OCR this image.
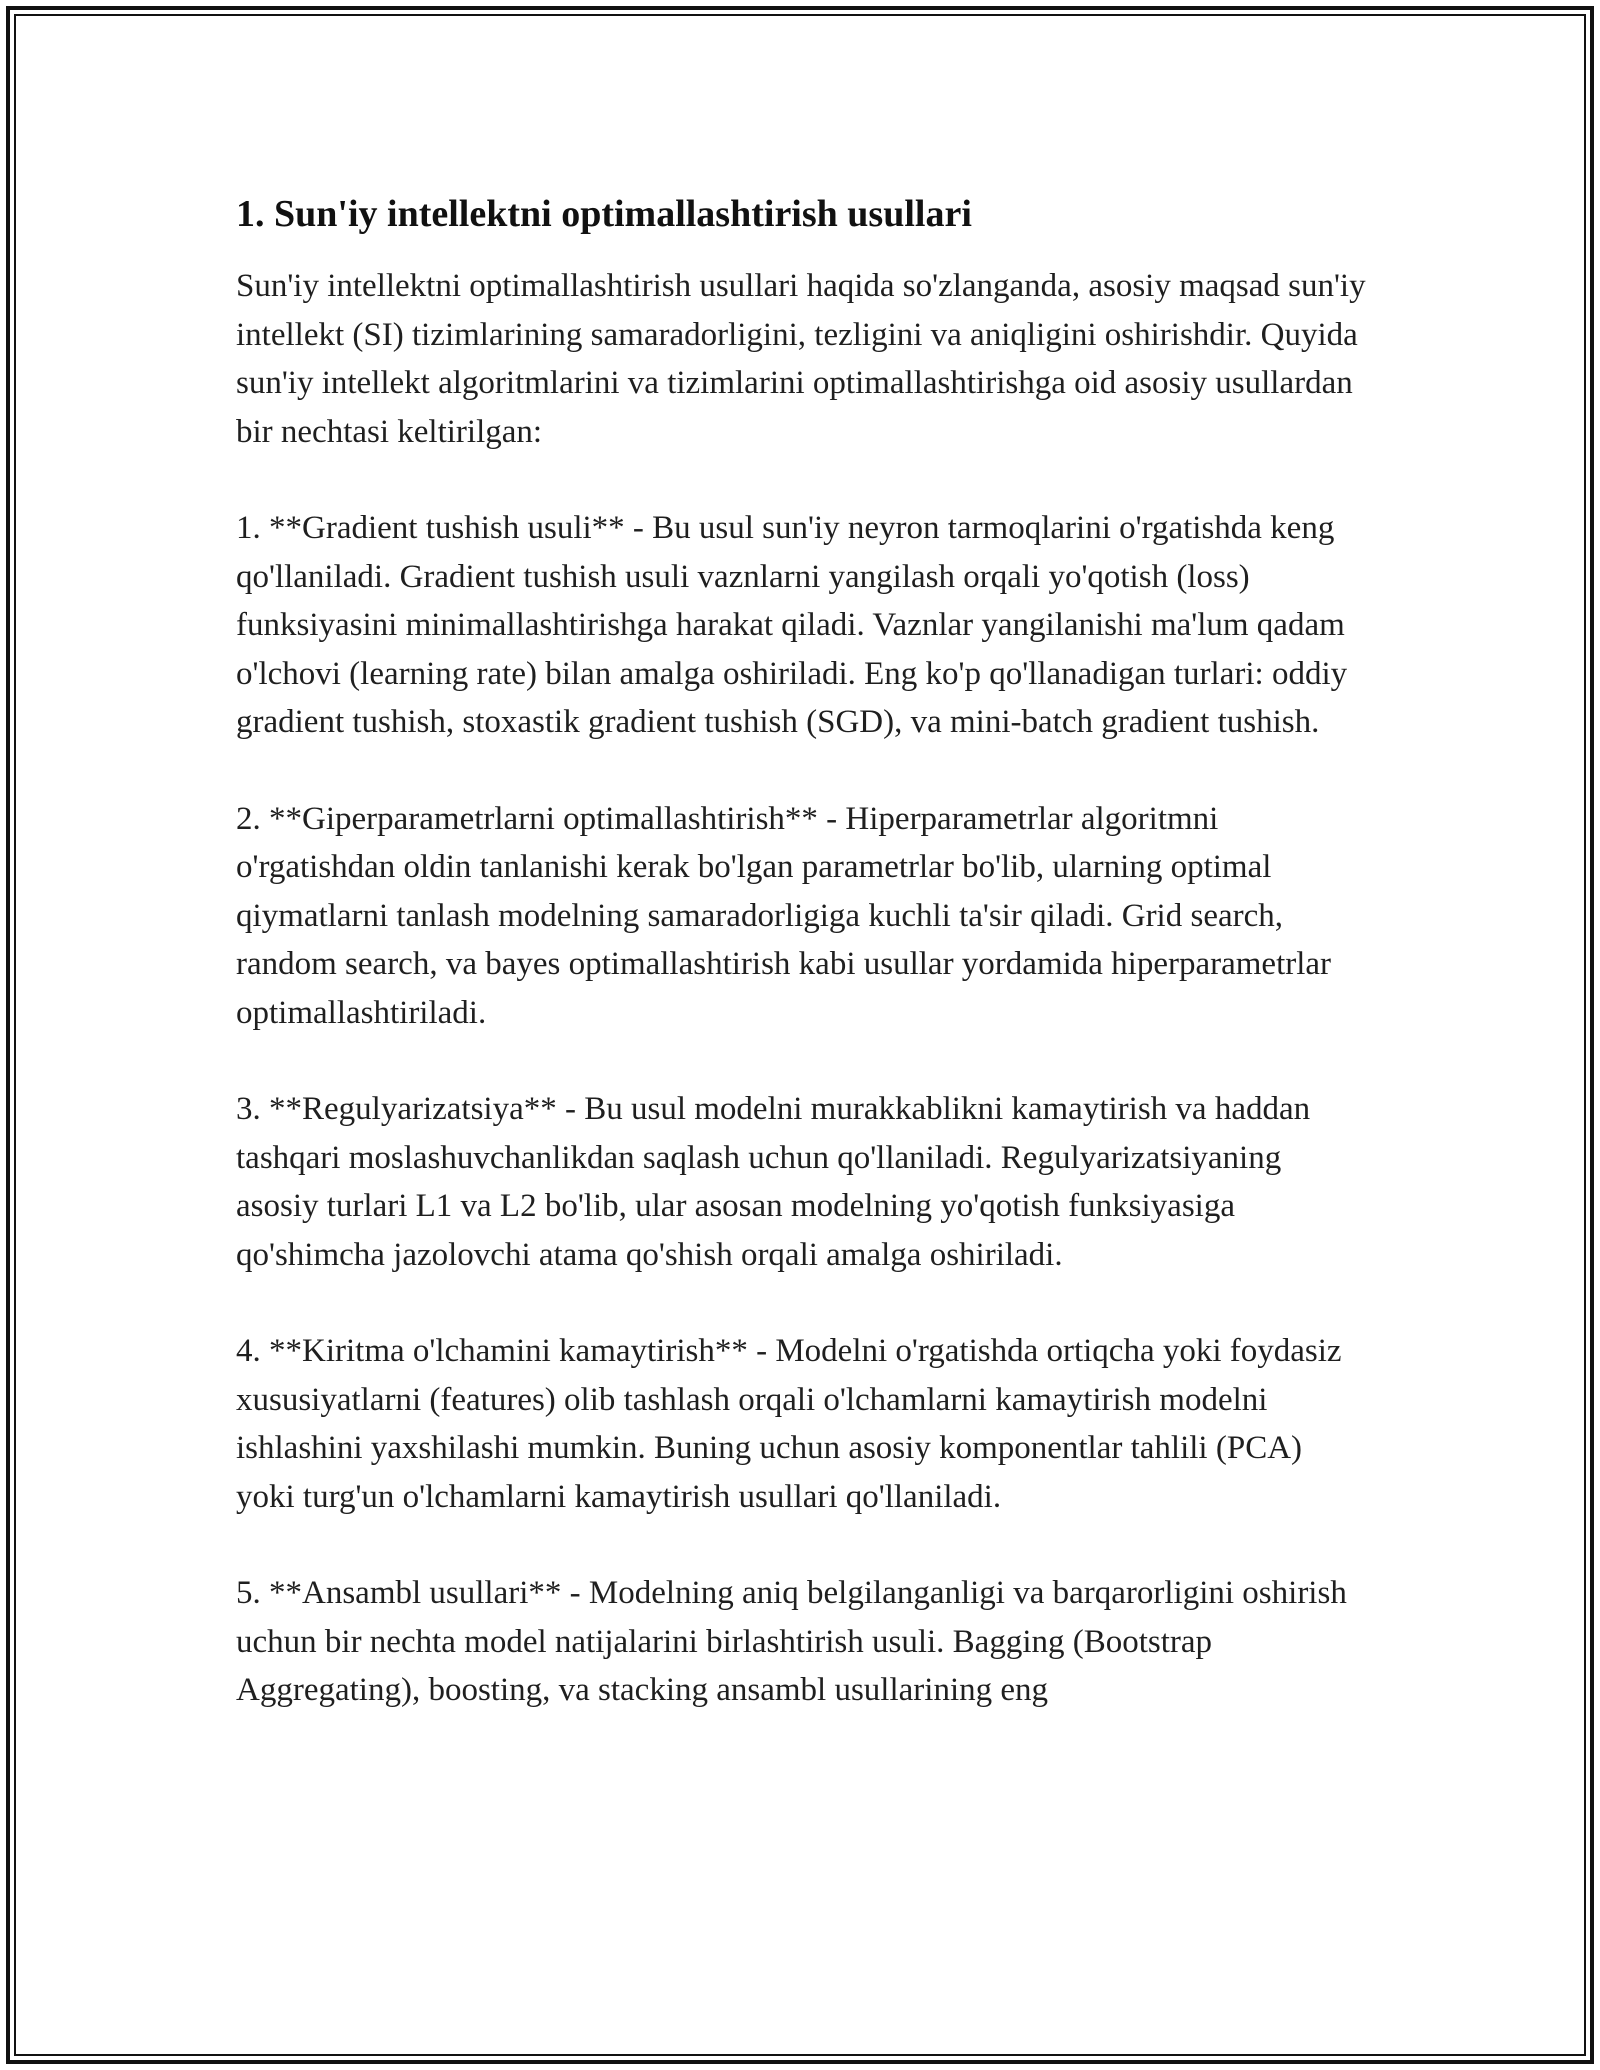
1. Sun'iy intellektni optimallashtirish usullari

Sun'iy intellektni optimallashtirish usullari haqida so'zlanganda, asosiy maqsad sun'iy intellekt (SI) tizimlarining samaradorligini, tezligini va aniqligini oshirishdir. Quyida sun'iy intellekt algoritmlarini va tizimlarini optimallashtirishga oid asosiy usullardan bir nechtasi keltirilgan:

1. **Gradient tushish usuli** - Bu usul sun'iy neyron tarmoqlarini o'rgatishda keng qo'llaniladi. Gradient tushish usuli vaznlarni yangilash orqali yo'qotish (loss) funksiyasini minimallashtirishga harakat qiladi. Vaznlar yangilanishi ma'lum qadam o'lchovi (learning rate) bilan amalga oshiriladi. Eng ko'p qo'llanadigan turlari: oddiy gradient tushish, stoxastik gradient tushish (SGD), va mini-batch gradient tushish.

2. **Giperparametrlarni optimallashtirish** - Hiperparametrlar algoritmni o'rgatishdan oldin tanlanishi kerak bo'lgan parametrlar bo'lib, ularning optimal qiymatlarni tanlash modelning samaradorligiga kuchli ta'sir qiladi. Grid search, random search, va bayes optimallashtirish kabi usullar yordamida hiperparametrlar optimallashtiriladi.

3. **Regulyarizatsiya** - Bu usul modelni murakkablikni kamaytirish va haddan tashqari moslashuvchanlikdan saqlash uchun qo'llaniladi. Regulyarizatsiyaning asosiy turlari L1 va L2 bo'lib, ular asosan modelning yo'qotish funksiyasiga qo'shimcha jazolovchi atama qo'shish orqali amalga oshiriladi.

4. **Kiritma o'lchamini kamaytirish** - Modelni o'rgatishda ortiqcha yoki foydasiz xususiyatlarni (features) olib tashlash orqali o'lchamlarni kamaytirish modelni ishlashini yaxshilashi mumkin. Buning uchun asosiy komponentlar tahlili (PCA) yoki turg'un o'lchamlarni kamaytirish usullari qo'llaniladi.

5. **Ansambl usullari** - Modelning aniq belgilanganligi va barqarorligini oshirish uchun bir nechta model natijalarini birlashtirish usuli. Bagging (Bootstrap Aggregating), boosting, va stacking ansambl usullarining eng
